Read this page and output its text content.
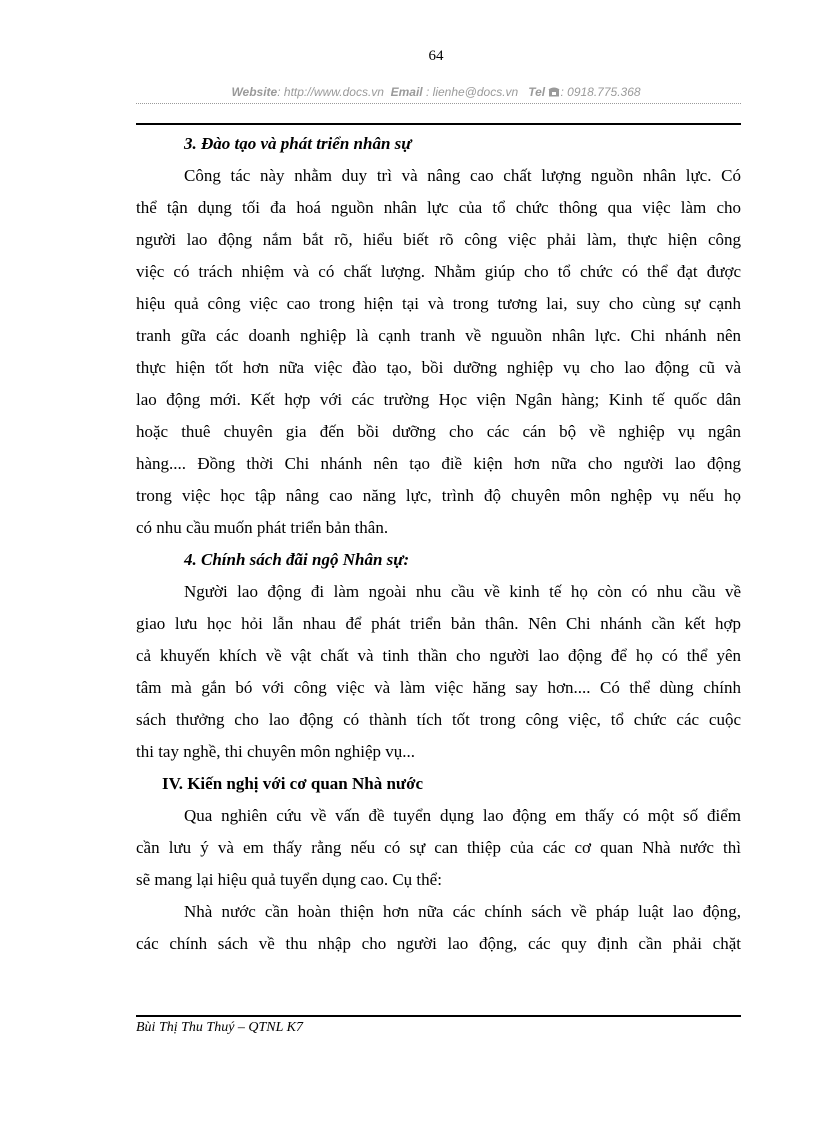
64
Website: http://www.docs.vn Email : lienhe@docs.vn Tel : 0918.775.368
3. Đào tạo và phát triển nhân sự
Công tác này nhằm duy trì và nâng cao chất lượng nguồn nhân lực. Có
thể tận dụng tối đa hoá nguồn nhân lực của tổ chức thông qua việc làm cho
người lao động nắm bắt rõ, hiểu biết rõ công việc phải làm, thực hiện công
việc có trách nhiệm và có chất lượng. Nhằm giúp cho tổ chức có thể đạt được
hiệu quả công việc cao trong hiện tại và trong tương lai, suy cho cùng sự cạnh
tranh gữa các doanh nghiệp là cạnh tranh về nguuồn nhân lực. Chi nhánh nên
thực hiện tốt hơn nữa việc đào tạo, bồi dưỡng nghiệp vụ cho lao động cũ và
lao động mới. Kết hợp với các trường Học viện Ngân hàng; Kinh tế quốc dân
hoặc thuê chuyên gia đến bồi dưỡng cho các cán bộ về nghiệp vụ ngân
hàng.... Đồng thời Chi nhánh nên tạo điề kiện hơn nữa cho người lao động
trong việc học tập nâng cao năng lực, trình độ chuyên môn nghệp vụ nếu họ
có nhu cầu muốn phát triển bản thân.
4. Chính sách đãi ngộ Nhân sự:
Người lao động đi làm ngoài nhu cầu về kinh tế họ còn có nhu cầu về
giao lưu học hỏi lẫn nhau để phát triển bản thân. Nên Chi nhánh cần kết hợp
cả khuyến khích về vật chất và tinh thần cho người lao động để họ có thể yên
tâm mà gắn bó với công việc và làm việc hăng say hơn.... Có thể dùng chính
sách thưởng cho lao động có thành tích tốt trong công việc, tổ chức các cuộc
thi tay nghề, thi chuyên môn nghiệp vụ...
IV. Kiến nghị với cơ quan Nhà nước
Qua nghiên cứu về vấn đề tuyển dụng lao động em thấy có một số điểm
cần lưu ý và em thấy rằng nếu có sự can thiệp của các cơ quan Nhà nước thì
sẽ mang lại hiệu quả tuyển dụng cao. Cụ thể:
Nhà nước cần hoàn thiện hơn nữa các chính sách về pháp luật lao động,
các chính sách về thu nhập cho người lao động, các quy định cần phải chặt
Bùi Thị Thu Thuý – QTNL K7
